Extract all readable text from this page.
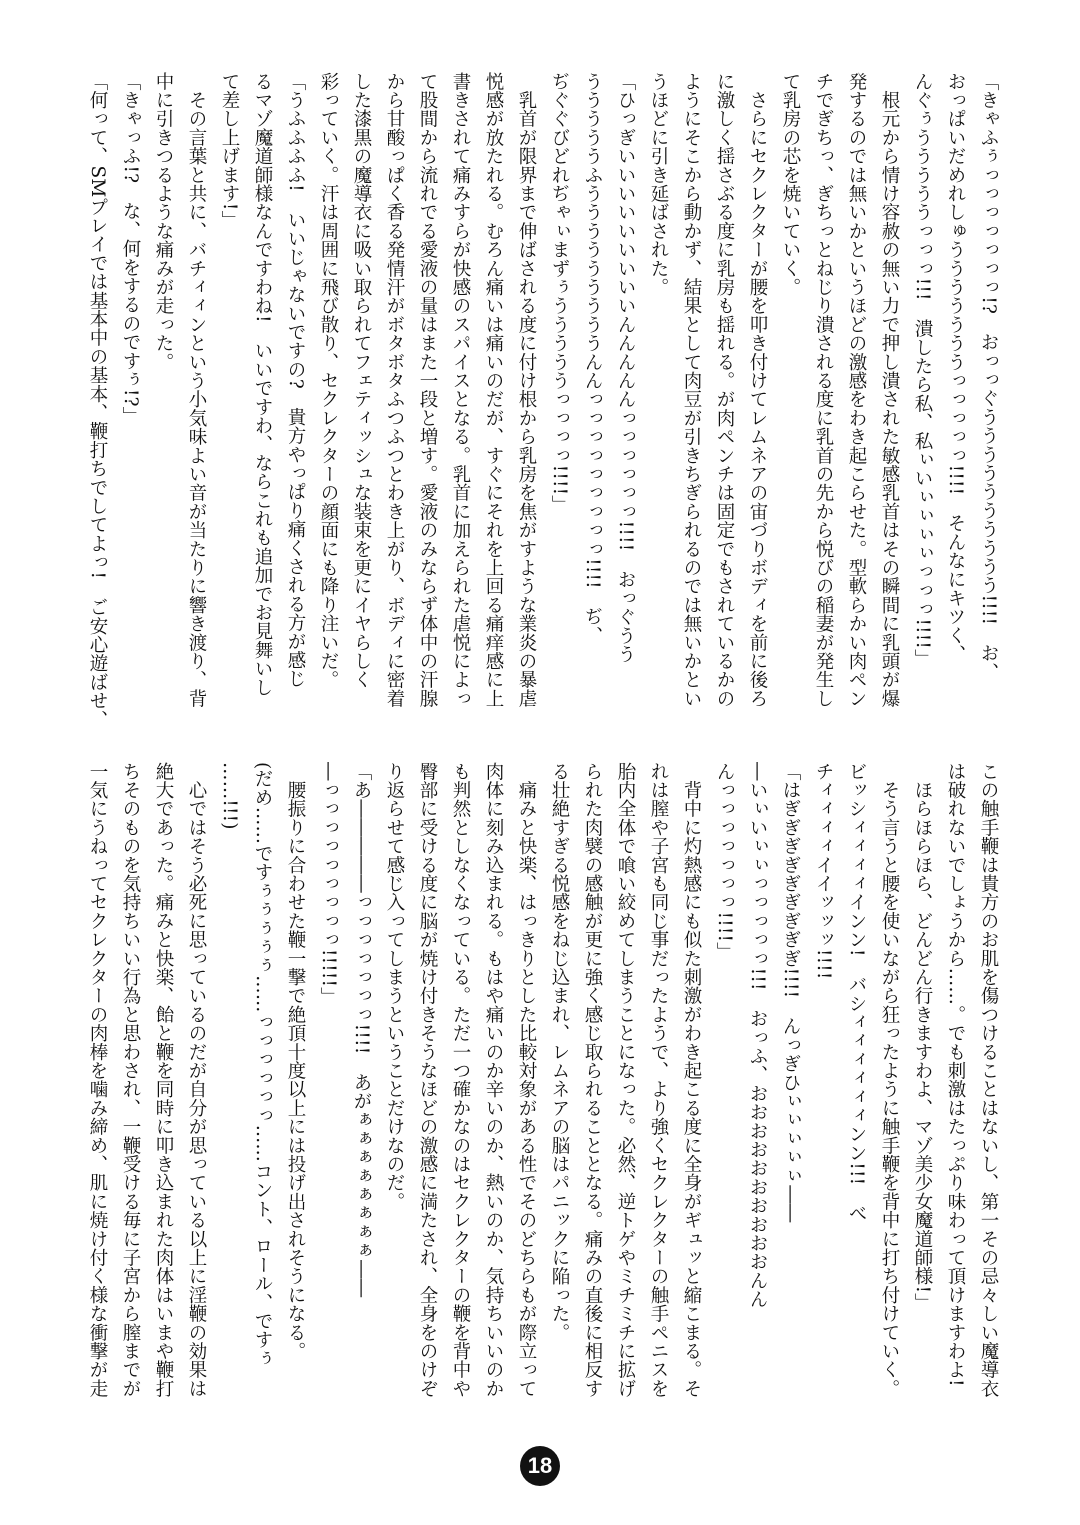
「きゃふぅっっっっっっっ!?　おっっぐうううううううううう!!!!　お、
おっぱいだめれしゅうううううううっっっっっ!!!!　そんなにキツく、
んぐぅうううううっっっ!!!　潰したら私、私ぃいぃぃぃぃっっっ!!!!」
　根元から情け容赦の無い力で押し潰された敏感乳首はその瞬間に乳頭が爆
発するのでは無いかというほどの激感をわき起こらせた。型軟らかい肉ペン
チでぎちっ、ぎちっとねじり潰される度に乳首の先から悦びの稲妻が発生し
て乳房の芯を焼いていく。
　さらにセクレクターが腰を叩き付けてレムネアの宙づりボディを前に後ろ
に激しく揺さぶる度に乳房も揺れる。が肉ペンチは固定でもされているかの
ようにそこから動かず、結果として肉豆が引きちぎられるのでは無いかとい
うほどに引き延ばされた。
「ひっぎいいいいいいいいいんんんんんっっっっっっ!!!!　おっぐうう
うううううふうううううううううんんっっっっっっっっっ!!!!　ぢ、
ぢぐぐびどれぢゃぃまずぅうううううっっっっ!!!!」
　乳首が限界まで伸ばされる度に付け根から乳房を焦がすような業炎の暴虐
悦感が放たれる。むろん痛いは痛いのだが、すぐにそれを上回る痛痒感に上
書きされて痛みすらが快感のスパイスとなる。乳首に加えられた虐悦によっ
て股間から流れでる愛液の量はまた一段と増す。愛液のみならず体中の汗腺
から甘酸っぱく香る発情汗がボタボタふつふつとわき上がり、ボディに密着
した漆黒の魔導衣に吸い取られてフェティッシュな装束を更にイヤらしく
彩っていく。汗は周囲に飛び散り、セクレクターの顔面にも降り注いだ。
「うふふふふ!　いいじゃないですの?　貴方やっぱり痛くされる方が感じ
るマゾ魔道師様なんですわね!　いいですわ、ならこれも追加でお見舞いし
て差し上げます!」
　その言葉と共に、バチィィンという小気味よい音が当たりに響き渡り、背
中に引きつるような痛みが走った。
「きゃっふ!?　な、何をするのですぅ!?」
「何って、SMプレイでは基本中の基本、鞭打ちでしてよっ!　ご安心遊ばせ、
この触手鞭は貴方のお肌を傷つけることはないし、第一その忌々しい魔導衣
は破れないでしょうから……。でも刺激はたっぷり味わって頂けますわよ!
　ほらほらほら、どんどん行きますわよ、マゾ美少女魔道師様!」
　そう言うと腰を使いながら狂ったように触手鞭を背中に打ち付けていく。
ビッシィィィィインン!　バシィィィィィィンン!!!　べ
チィィィィイイッッッ!!!!
「はぎぎぎぎぎぎぎぎぎ!!!!　んっぎひぃぃぃぃぃ――
―いぃいぃぃっっっっっ!!!　おっふ、おおおおおおおおおおんん
んっっっっっっっ!!!!」
　背中に灼熱感にも似た刺激がわき起こる度に全身がギュッと縮こまる。そ
れは膣や子宮も同じ事だったようで、より強くセクレクターの触手ペニスを
胎内全体で喰い絞めてしまうことになった。必然、逆トゲやミチミチに拡げ
られた肉襞の感触が更に強く感じ取られることとなる。痛みの直後に相反す
る壮絶すぎる悦感をねじ込まれ、レムネアの脳はパニックに陥った。
　痛みと快楽、はっきりとした比較対象がある性でそのどちらもが際立って
肉体に刻み込まれる。もはや痛いのか辛いのか、熱いのか、気持ちいいのか
も判然としなくなっている。ただ一つ確かなのはセクレクターの鞭を背中や
臀部に受ける度に脳が焼け付きそうなほどの激感に満たされ、全身をのけぞ
り返らせて感じ入ってしまうということだけなのだ。
「あ―――――っっっっっっっ!!!!　あがぁぁぁぁぁぁぁぁ――
―っっっっっっっっっ!!!!!」
　腰振りに合わせた鞭一撃で絶頂十度以上には投げ出されそうになる。
(だめ……ですぅぅぅぅぅ……っっっっっっ……コント、ロール、ですぅ
……!!!)
　心ではそう必死に思っているのだが自分が思っている以上に淫鞭の効果は
絶大であった。痛みと快楽、飴と鞭を同時に叩き込まれた肉体はいまや鞭打
ちそのものを気持ちいい行為と思わされ、一鞭受ける毎に子宮から膣までが
一気にうねってセクレクターの肉棒を噛み締め、肌に焼け付く様な衝撃が走
18
